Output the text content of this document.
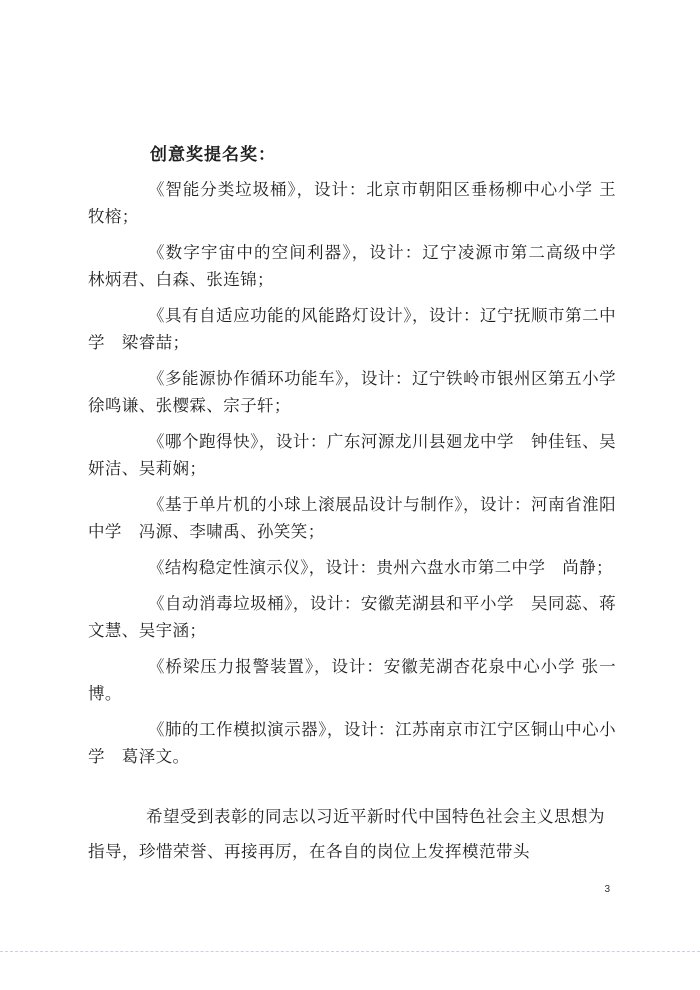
创意奖提名奖：

《智能分类垃圾桶》，设计：北京市朝阳区垂杨柳中心小学 王牧榕；

《数字宇宙中的空间利器》，设计：辽宁凌源市第二高级中学　林炳君、白森、张连锦；

《具有自适应功能的风能路灯设计》，设计：辽宁抚顺市第二中学　梁睿喆；

《多能源协作循环功能车》，设计：辽宁铁岭市银州区第五小学　徐鸣谦、张樱霖、宗子轩；

《哪个跑得快》，设计：广东河源龙川县廻龙中学　钟佳钰、吴妍洁、吴莉娴；

《基于单片机的小球上滚展品设计与制作》，设计：河南省淮阳中学　冯源、李啸禹、孙笑笑；

《结构稳定性演示仪》，设计：贵州六盘水市第二中学　尚静；

《自动消毒垃圾桶》，设计：安徽芜湖县和平小学　吴同蕊、蒋文慧、吴宇涵；

《桥梁压力报警装置》，设计：安徽芜湖杏花泉中心小学 张一博。

《肺的工作模拟演示器》，设计：江苏南京市江宁区铜山中心小学　葛泽文。

希望受到表彰的同志以习近平新时代中国特色社会主义思想为指导，珍惜荣誉、再接再厉，在各自的岗位上发挥模范带头

3
